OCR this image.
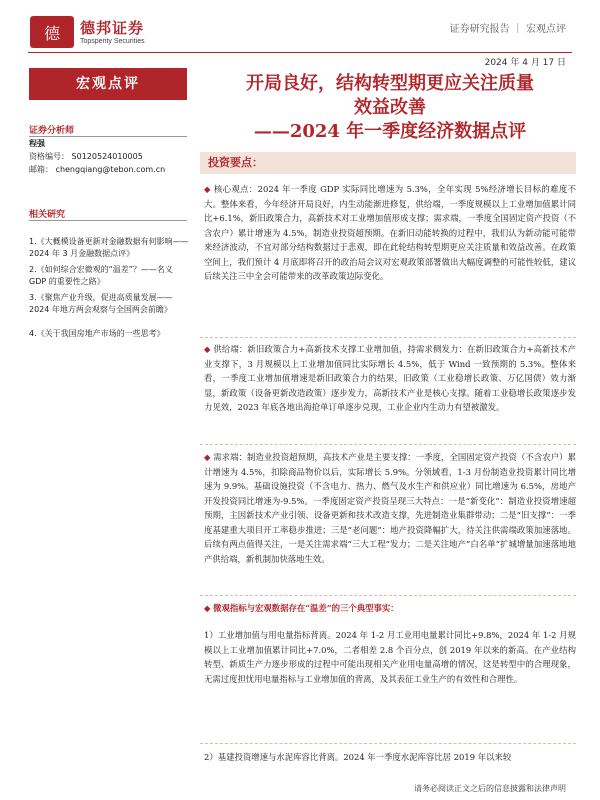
德 德邦证券
Topsperity Securities
证券研究报告 ｜ 宏观点评
2024 年 4 月 17 日
宏观点评
证券分析师
程强
资格编号： S0120524010005
邮箱： chengqiang@tebon.com.cn
相关研究
1.《大概模设备更新对金融数据有何影响——2024 年 3 月金融数据点评》
2.《如何综合宏微观的“温差”？——名义 GDP 的重要性之路》
3.《聚焦产业升级，促进高质量发展——2024 年地方两会观察与全国两会前瞻》
4.《关于我国房地产市场的一些思考》
开局良好，结构转型期更应关注质量
效益改善
——2024 年一季度经济数据点评
投资要点：
◆ 核心观点：2024 年一季度 GDP 实际同比增速为 5.3%，全年实现 5%经济增长目标的难度不大。整体来看，今年经济开局良好，内生动能渐进修复，供给端，一季度规模以上工业增加值累计同比+6.1%，新旧政策合力，高新技术对工业增加值形成支撑；需求端，一季度全国固定资产投资（不含农户）累计增速为 4.5%，制造业投资超预期。在新旧动能转换的过程中，我们认为新动能可能带来经济波动，不宜对部分结构数据过于悲观，即在此轮结构转型期更应关注质量和效益改善。在政策空间上，我们预计 4 月底即将召开的政治局会议对宏观政策部署做出大幅度调整的可能性较低，建议后续关注三中全会可能带来的改革政策边际变化。
◆ 供给端：新旧政策合力+高新技术支撑工业增加值，持需求侧发力：在新旧政策合力+高新技术产业支撑下，3 月规模以上工业增加值同比实际增长 4.5%，低于 Wind 一致预期的 5.3%。整体来看，一季度工业增加值增速是新旧政策合力的结果，旧政策（工业稳增长政策、万亿国债）效力渐显，新政策（设备更新改造政策）逐步发力，高新技术产业是核心支撑。随着工业稳增长政策逐步发力见效，2023 年底各地出海抢单订单逐步兑现，工业企业内生动力有望被激发。
◆ 需求端：制造业投资超预期，高技术产业是主要支撑：一季度，全国固定资产投资（不含农户）累计增速为 4.5%，扣除商品物价以后，实际增长 5.9%。分领域看，1-3 月份制造业投资累计同比增速为 9.9%。基础设施投资（不含电力、热力、燃气及水生产和供应业）同比增速为 6.5%，房地产开发投资同比增速为-9.5%。一季度固定资产投资呈现三大特点：一是“新变化”：制造业投资增速超预期，主因新技术产业引领、设备更新和技术改造支撑，先进制造业集群带动；二是“旧支撑”：一季度基建重大项目开工率稳步推进；三是“老问题”：地产投资降幅扩大，待关注供需端政策加速落地。后续有两点值得关注，一是关注需求端“三大工程”发力；二是关注地产“白名单”扩城增量加速落地地产供给端，新机制加快落地生效。
◆ 微观指标与宏观数据存在“温差”的三个典型事实：
1）工业增加值与用电量指标背离。2024 年 1-2 月工业用电量累计同比+9.8%，2024 年 1-2 月规模以上工业增加值累计同比+7.0%，二者相差 2.8 个百分点，创 2019 年以来的新高。在产业结构转型、新质生产力逐步形成的过程中可能出现相关产业用电量高增的情况，这是转型中的合理现象，无需过度担忧用电量指标与工业增加值的背离，及其表征工业生产的有效性和合理性。
2）基建投资增速与水泥库容比背离。2024 年一季度水泥库容比居 2019 年以来较
请务必阅读正文之后的信息披露和法律声明
